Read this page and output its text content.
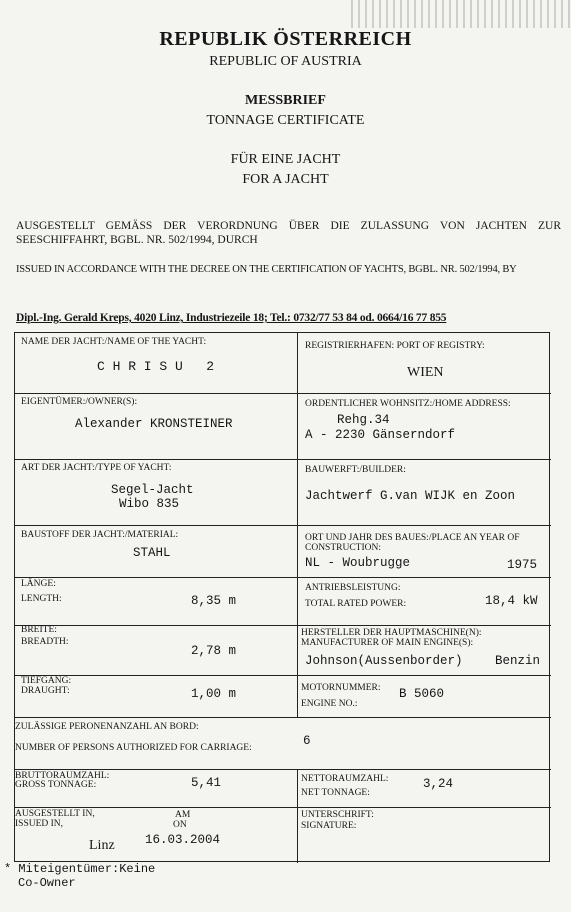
REPUBLIK ÖSTERREICH
REPUBLIC OF AUSTRIA
MESSBRIEF
TONNAGE CERTIFICATE
FÜR EINE JACHT
FOR A JACHT
AUSGESTELLT GEMÄSS DER VERORDNUNG ÜBER DIE ZULASSUNG VON JACHTEN ZUR SEESCHIFFAHRT, BGBL. NR. 502/1994, DURCH
ISSUED IN ACCORDANCE WITH THE DECREE ON THE CERTIFICATION OF YACHTS, BGBL. NR. 502/1994, BY
Dipl.-Ing. Gerald Kreps, 4020 Linz, Industriezeile 18; Tel.: 0732/77 53 84 od. 0664/16 77 855
NAME DER JACHT:/NAME OF THE YACHT:
C H R I S U   2
REGISTRIERHAFEN: PORT OF REGISTRY:
WIEN
EIGENTÜMER:/OWNER(S):
Alexander KRONSTEINER
ORDENTLICHER WOHNSITZ:/HOME ADDRESS:
Rehg.34
A - 2230 Gänserndorf
ART DER JACHT:/TYPE OF YACHT:
Segel-Jacht
Wibo 835
BAUWERFT:/BUILDER:
Jachtwerf G.van WIJK en Zoon
BAUSTOFF DER JACHT:/MATERIAL:
STAHL
ORT UND JAHR DES BAUES:/PLACE AN YEAR OF
CONSTRUCTION:
NL - Woubrugge	1975
LÄNGE:
LENGTH:	8,35 m
ANTRIEBSLEISTUNG:
TOTAL RATED POWER:	18,4 kW
BREITE:
BREADTH:
2,78 m
HERSTELLER DER HAUPTMASCHINE(N):
MANUFACTURER OF MAIN ENGINE(S):
Johnson(Aussenborder)	Benzin
TIEFGANG:
DRAUGHT:	1,00 m	MOTORNUMMER:
ENGINE NO.:
B 5060
ZULÄSSIGE PERONENANZAHL AN BORD:
NUMBER OF PERSONS AUTHORIZED FOR CARRIAGE:	6
BRUTTORAUMZAHL:
GROSS TONNAGE:	5,41	NETTORAUMZAHL:
NET TONNAGE:
3,24
AUSGESTELLT IN,
ISSUED IN,
AM
ON
16.03.2004
Linz
UNTERSCHRIFT:
SIGNATURE:
* Miteigentümer:Keine
Co-Owner
